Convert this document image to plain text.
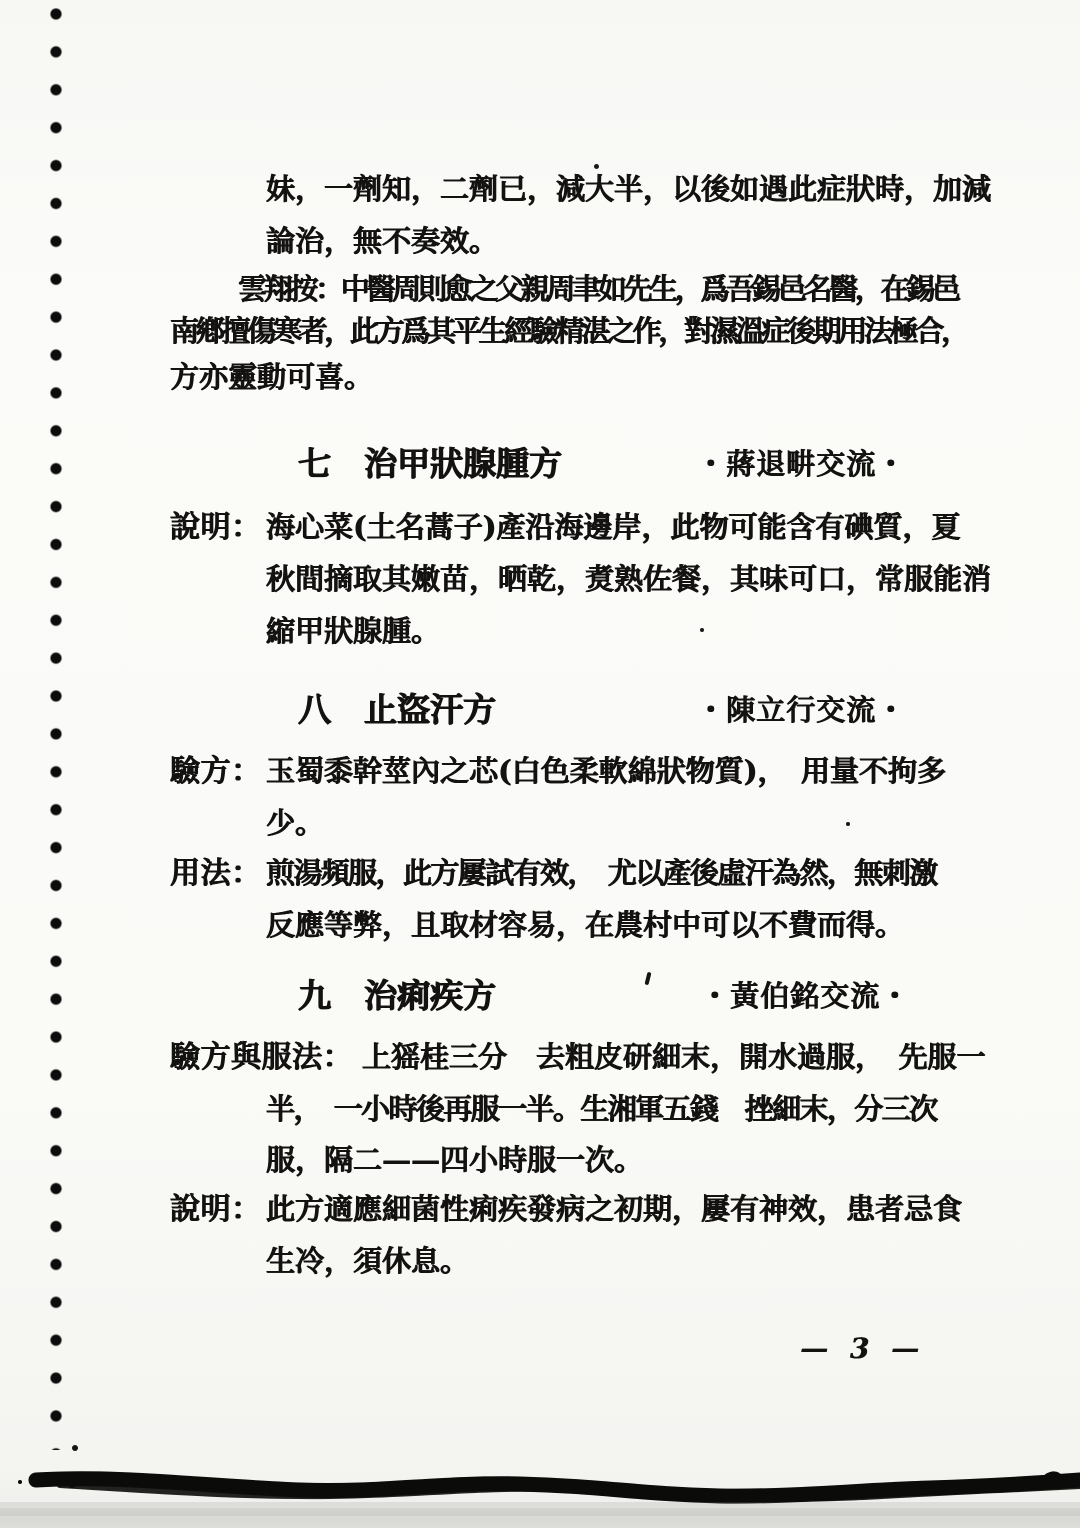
妹，一劑知，二劑已，減大半，以後如遇此症狀時，加減
論治，無不奏效。
雲翔按：中醫周則愈之父親周聿如先生，爲吾錫邑名醫，在錫邑
南鄕擅傷寒者，此方爲其平生經驗精湛之作，對濕溫症後期用法極合，
方亦靈動可喜。
七 治甲狀腺腫方	・蔣退畊交流・
說明： 海心菜(土名蒿子)產沿海邊岸，此物可能含有碘質，夏
秋間摘取其嫩苗，晒乾，煑熟佐餐，其味可口，常服能消
縮甲狀腺腫。
八 止盜汗方	・陳立行交流・
驗方： 玉蜀黍幹莖內之芯(白色柔軟綿狀物質)，　用量不拘多
少。
用法： 煎湯頻服，此方屢試有效，　尤以產後虛汗為然，無刺激
反應等弊，且取材容易，在農村中可以不費而得。
九 治痢疾方	・黃伯銘交流・
驗方與服法： 上猺桂三分　去粗皮研細末，開水過服，　先服一
半，　一小時後再服一半。生湘軍五錢　挫細末，分三次
服，隔二——四小時服一次。
說明： 此方適應細菌性痢疾發病之初期，屢有神效，患者忌食
生冷，須休息。
— 3 —
